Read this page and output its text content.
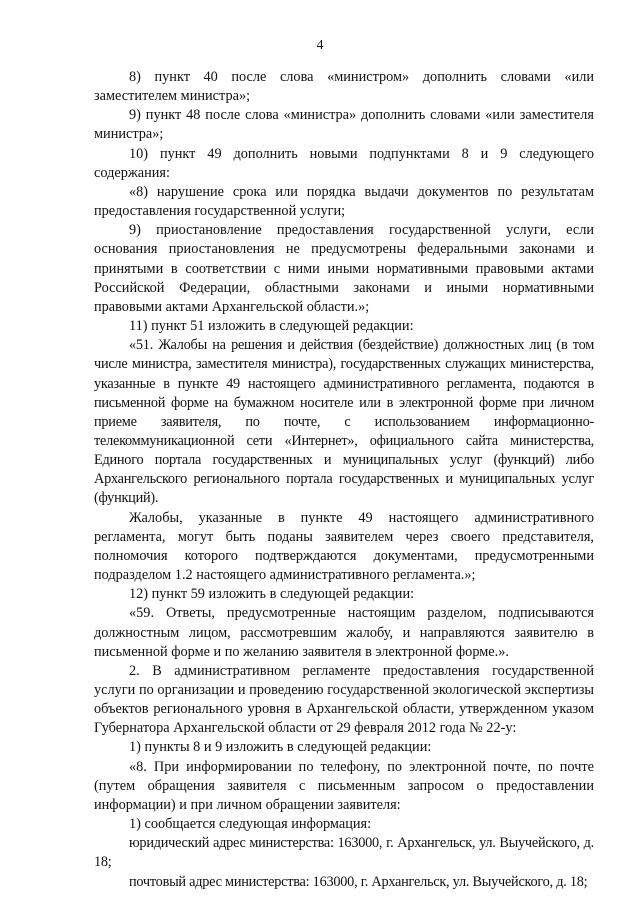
4

8) пункт 40 после слова «министром» дополнить словами «или заместителем министра»;

9) пункт 48 после слова «министра» дополнить словами «или заместителя министра»;

10) пункт 49 дополнить новыми подпунктами 8 и 9 следующего содержания:

«8) нарушение срока или порядка выдачи документов по результатам предоставления государственной услуги;

9) приостановление предоставления государственной услуги, если основания приостановления не предусмотрены федеральными законами и принятыми в соответствии с ними иными нормативными правовыми актами Российской Федерации, областными законами и иными нормативными правовыми актами Архангельской области.»;

11) пункт 51 изложить в следующей редакции:

«51. Жалобы на решения и действия (бездействие) должностных лиц (в том числе министра, заместителя министра), государственных служащих министерства, указанные в пункте 49 настоящего административного регламента, подаются в письменной форме на бумажном носителе или в электронной форме при личном приеме заявителя, по почте, с использованием информационно-телекоммуникационной сети «Интернет», официального сайта министерства, Единого портала государственных и муниципальных услуг (функций) либо Архангельского регионального портала государственных и муниципальных услуг (функций).

Жалобы, указанные в пункте 49 настоящего административного регламента, могут быть поданы заявителем через своего представителя, полномочия которого подтверждаются документами, предусмотренными подразделом 1.2 настоящего административного регламента.»;

12) пункт 59 изложить в следующей редакции:

«59. Ответы, предусмотренные настоящим разделом, подписываются должностным лицом, рассмотревшим жалобу, и направляются заявителю в письменной форме и по желанию заявителя в электронной форме.».

2. В административном регламенте предоставления государственной услуги по организации и проведению государственной экологической экспертизы объектов регионального уровня в Архангельской области, утвержденном указом Губернатора Архангельской области от 29 февраля 2012 года № 22-у:

1) пункты 8 и 9 изложить в следующей редакции:

«8. При информировании по телефону, по электронной почте, по почте (путем обращения заявителя с письменным запросом о предоставлении информации) и при личном обращении заявителя:

1) сообщается следующая информация:

юридический адрес министерства: 163000, г. Архангельск, ул. Выучейского, д. 18;

почтовый адрес министерства: 163000, г. Архангельск, ул. Выучейского, д. 18;
